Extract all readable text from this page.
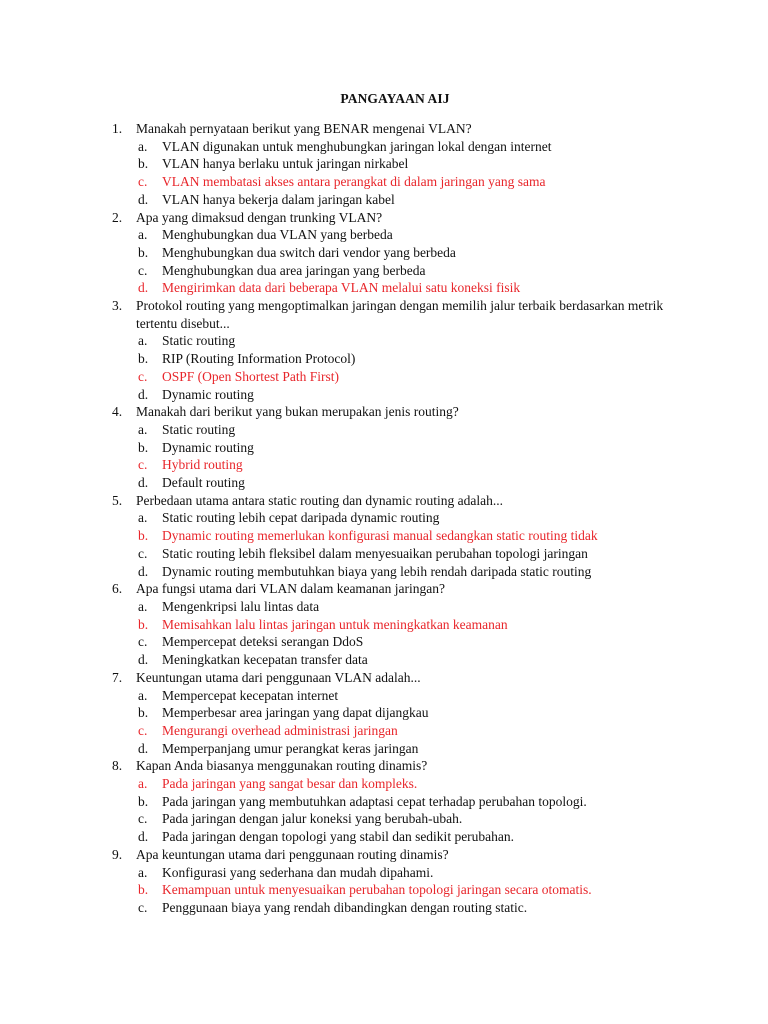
PANGAYAAN AIJ
1.	Manakah pernyataan berikut yang BENAR mengenai VLAN?
a.	VLAN digunakan untuk menghubungkan jaringan lokal dengan internet
b.	VLAN hanya berlaku untuk jaringan nirkabel
c.	VLAN membatasi akses antara perangkat di dalam jaringan yang sama
d.	VLAN hanya bekerja dalam jaringan kabel
2.	Apa yang dimaksud dengan trunking VLAN?
a.	Menghubungkan dua VLAN yang berbeda
b.	Menghubungkan dua switch dari vendor yang berbeda
c.	Menghubungkan dua area jaringan yang berbeda
d.	Mengirimkan data dari beberapa VLAN melalui satu koneksi fisik
3.	Protokol routing yang mengoptimalkan jaringan dengan memilih jalur terbaik berdasarkan metrik tertentu disebut...
a.	Static routing
b.	RIP (Routing Information Protocol)
c.	OSPF (Open Shortest Path First)
d.	Dynamic routing
4.	Manakah dari berikut yang bukan merupakan jenis routing?
a.	Static routing
b.	Dynamic routing
c.	Hybrid routing
d.	Default routing
5.	Perbedaan utama antara static routing dan dynamic routing adalah...
a.	Static routing lebih cepat daripada dynamic routing
b.	Dynamic routing memerlukan konfigurasi manual sedangkan static routing tidak
c.	Static routing lebih fleksibel dalam menyesuaikan perubahan topologi jaringan
d.	Dynamic routing membutuhkan biaya yang lebih rendah daripada static routing
6.	Apa fungsi utama dari VLAN dalam keamanan jaringan?
a.	Mengenkripsi lalu lintas data
b.	Memisahkan lalu lintas jaringan untuk meningkatkan keamanan
c.	Mempercepat deteksi serangan DdoS
d.	Meningkatkan kecepatan transfer data
7.	Keuntungan utama dari penggunaan VLAN adalah...
a.	Mempercepat kecepatan internet
b.	Memperbesar area jaringan yang dapat dijangkau
c.	Mengurangi overhead administrasi jaringan
d.	Memperpanjang umur perangkat keras jaringan
8.	Kapan Anda biasanya menggunakan routing dinamis?
a.	Pada jaringan yang sangat besar dan kompleks.
b.	Pada jaringan yang membutuhkan adaptasi cepat terhadap perubahan topologi.
c.	Pada jaringan dengan jalur koneksi yang berubah-ubah.
d.	Pada jaringan dengan topologi yang stabil dan sedikit perubahan.
9.	Apa keuntungan utama dari penggunaan routing dinamis?
a.	Konfigurasi yang sederhana dan mudah dipahami.
b.	Kemampuan untuk menyesuaikan perubahan topologi jaringan secara otomatis.
c.	Penggunaan biaya yang rendah dibandingkan dengan routing static.
